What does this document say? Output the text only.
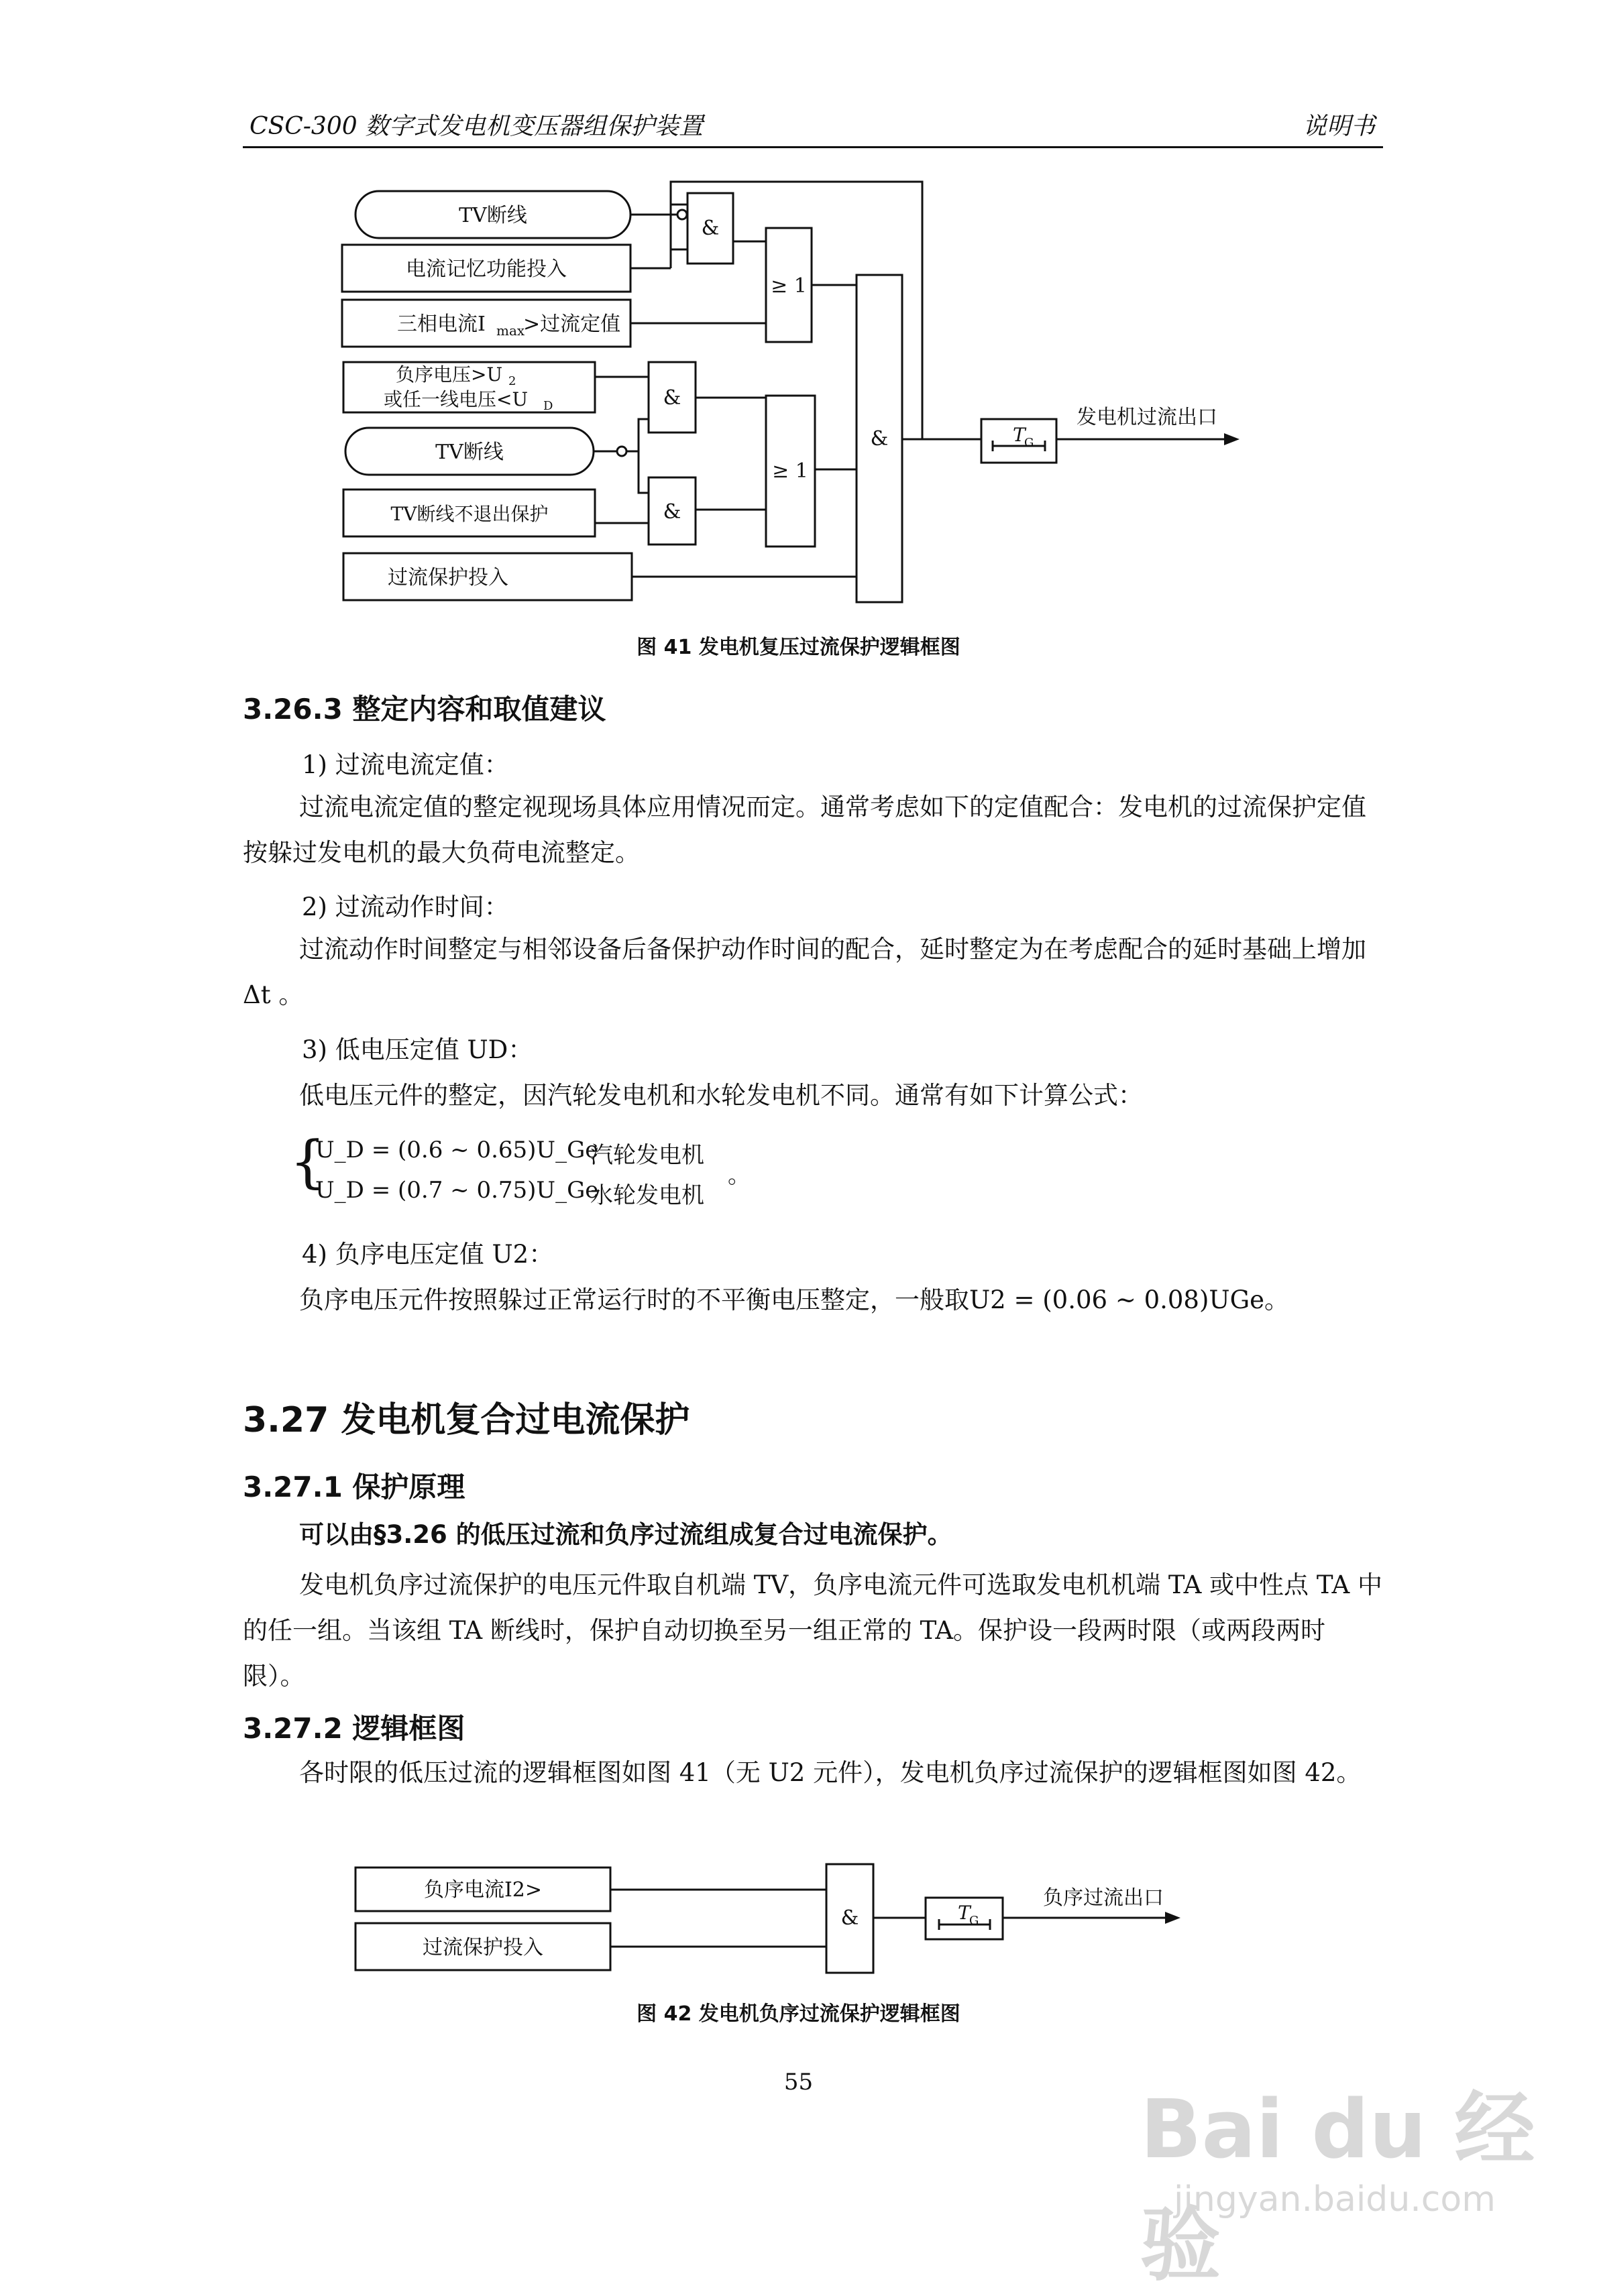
CSC-300 数字式发电机变压器组保护装置	说明书
TV断线
电流记忆功能投入
三相电流I max
>过流定值
负序电压>U 2
或任一线电压<U D
TV断线
TV断线不退出保护
过流保护投入
&
≥ 1
&
&
≥ 1
&	T
G
发电机过流出口
图 41 发电机复压过流保护逻辑框图
3.26.3 整定内容和取值建议
1) 过流电流定值：

过流电流定值的整定视现场具体应用情况而定。通常考虑如下的定值配合：发电机的过流保护定值按躲过发电机的最大负荷电流整定。

2) 过流动作时间：

过流动作时间整定与相邻设备后备保护动作时间的配合，延时整定为在考虑配合的延时基础上增加Δt 。

3) 低电压定值 UD：

低电压元件的整定，因汽轮发电机和水轮发电机不同。通常有如下计算公式：

{
U_D = (0.6 ~ 0.65)U_Ge
汽轮发电机
U_D = (0.7 ~ 0.75)U_Ge
水轮发电机
。
4) 负序电压定值 U2：

负序电压元件按照躲过正常运行时的不平衡电压整定，一般取U2 = (0.06 ~ 0.08)UGe。

3.27 发电机复合过电流保护
3.27.1 保护原理

可以由§3.26 的低压过流和负序过流组成复合过电流保护。

发电机负序过流保护的电压元件取自机端 TV，负序电流元件可选取发电机机端 TA 或中性点 TA 中的任一组。当该组 TA 断线时，保护自动切换至另一组正常的 TA。保护设一段两时限（或两段两时限）。

3.27.2 逻辑框图

各时限的低压过流的逻辑框图如图 41（无 U2 元件），发电机负序过流保护的逻辑框图如图 42。

负序电流I2>
过流保护投入
&	T
G
负序过流出口
图 42 发电机负序过流保护逻辑框图
55
Bai du 经验
jingyan.baidu.com
